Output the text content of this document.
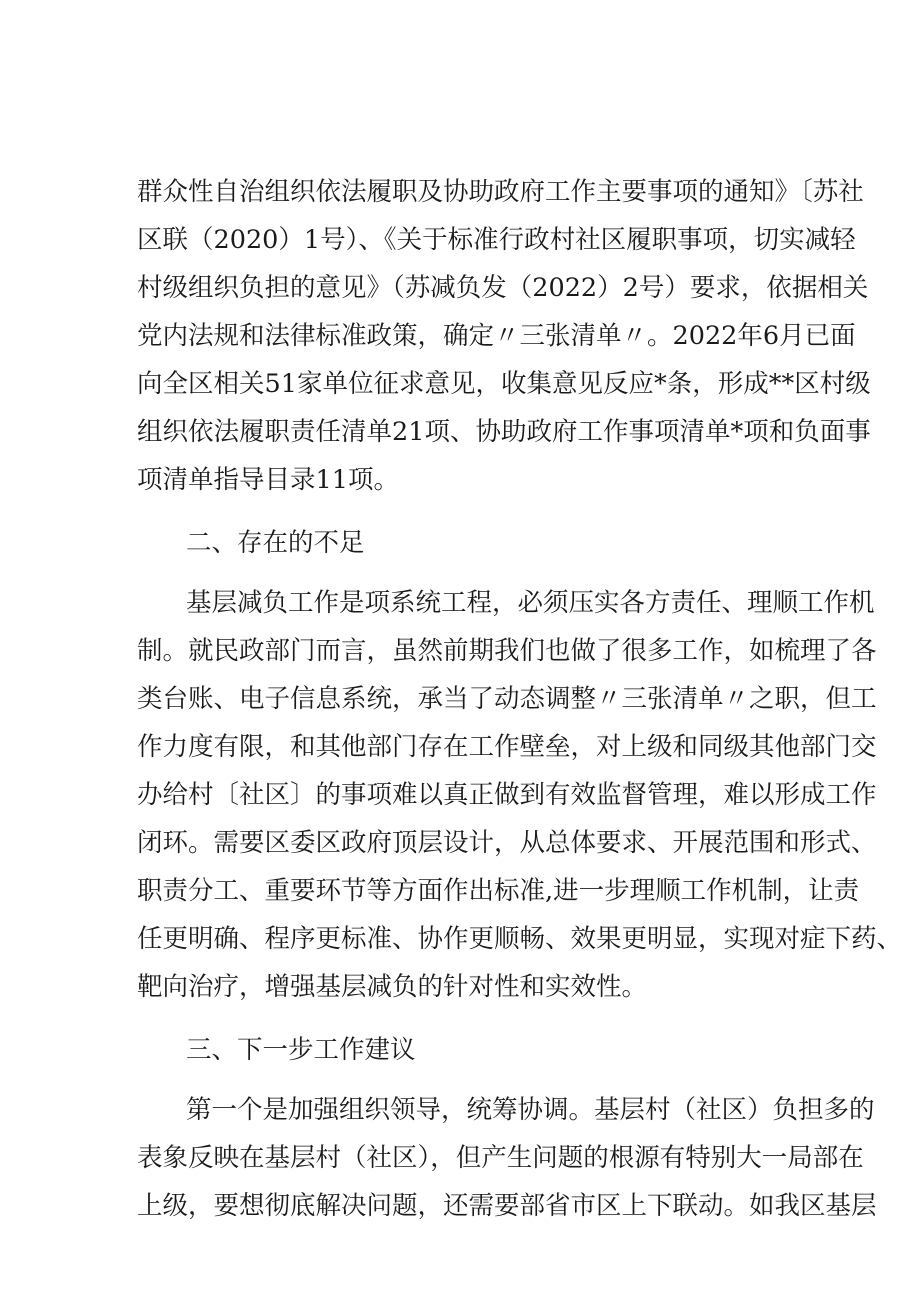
群众性自治组织依法履职及协助政府工作主要事项的通知》〔苏社
区联（2020）1号）、《关于标准行政村社区履职事项，切实减轻
村级组织负担的意见》（苏减负发（2022）2号）要求，依据相关
党内法规和法律标准政策，确定〃三张清单〃。2022年6月已面
向全区相关51家单位征求意见，收集意见反应*条，形成**区村级
组织依法履职责任清单21项、协助政府工作事项清单*项和负面事
项清单指导目录11项。
二、存在的不足
基层减负工作是项系统工程，必须压实各方责任、理顺工作机
制。就民政部门而言，虽然前期我们也做了很多工作，如梳理了各
类台账、电子信息系统，承当了动态调整〃三张清单〃之职，但工
作力度有限，和其他部门存在工作壁垒，对上级和同级其他部门交
办给村〔社区〕的事项难以真正做到有效监督管理，难以形成工作
闭环。需要区委区政府顶层设计，从总体要求、开展范围和形式、
职责分工、重要环节等方面作出标准,进一步理顺工作机制，让责
任更明确、程序更标准、协作更顺畅、效果更明显，实现对症下药、
靶向治疗，增强基层减负的针对性和实效性。
三、下一步工作建议
第一个是加强组织领导，统筹协调。基层村（社区）负担多的
表象反映在基层村（社区），但产生问题的根源有特别大一局部在
上级，要想彻底解决问题，还需要部省市区上下联动。如我区基层
